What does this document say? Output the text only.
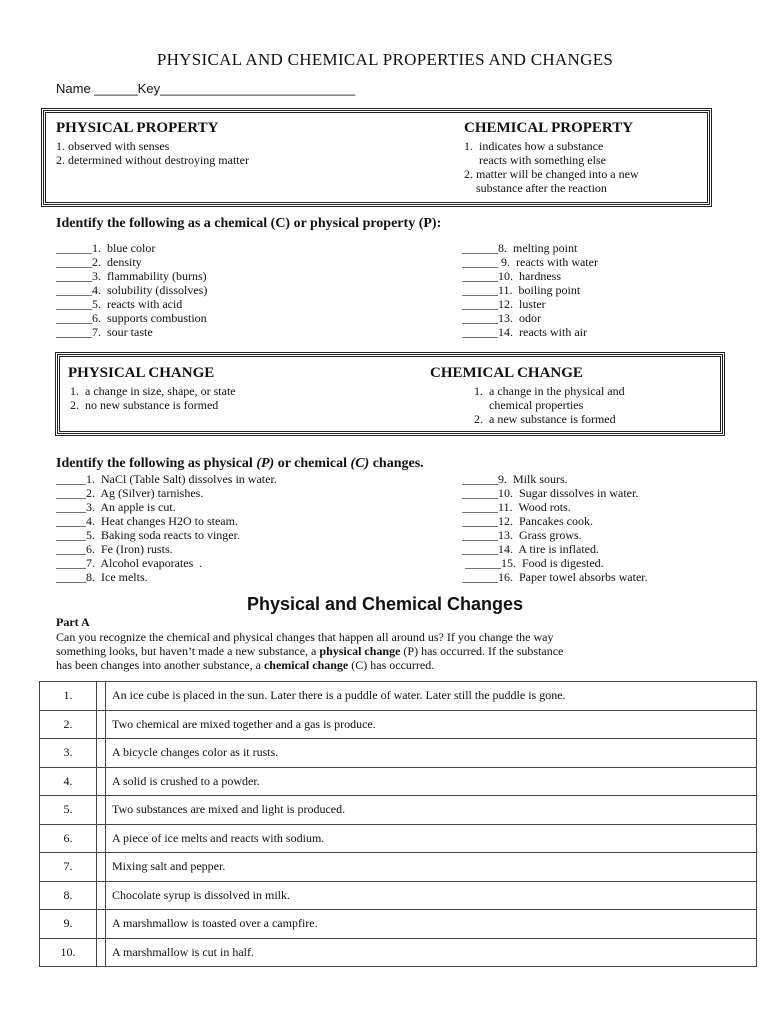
PHYSICAL AND CHEMICAL PROPERTIES AND CHANGES
Name ______Key___________________________
PHYSICAL PROPERTY
1. observed with senses
2. determined without destroying matter
CHEMICAL PROPERTY
1.  indicates how a substance
reacts with something else
2. matter will be changed into a new
substance after the reaction
Identify the following as a chemical (C) or physical property (P):
______1.  blue color
______2.  density
______3.  flammability (burns)
______4.  solubility (dissolves)
______5.  reacts with acid
______6.  supports combustion
______7.  sour taste
______8.  melting point
______ 9.  reacts with water
______10.  hardness
______11.  boiling point
______12.  luster
______13.  odor
______14.  reacts with air
PHYSICAL CHANGE
1.  a change in size, shape, or state
2.  no new substance is formed
CHEMICAL CHANGE
1.  a change in the physical and
chemical properties
2.  a new substance is formed
Identify the following as physical (P) or chemical (C) changes.
_____1.  NaCl (Table Salt) dissolves in water.
_____2.  Ag (Silver) tarnishes.
_____3.  An apple is cut.
_____4.  Heat changes H2O to steam.
_____5.  Baking soda reacts to vinger.
_____6.  Fe (Iron) rusts.
_____7.  Alcohol evaporates  .
_____8.  Ice melts.
______9.  Milk sours.
______10.  Sugar dissolves in water.
______11.  Wood rots.
______12.  Pancakes cook.
______13.  Grass grows.
______14.  A tire is inflated.
______15.  Food is digested.
______16.  Paper towel absorbs water.
Physical and Chemical Changes
Part A
Can you recognize the chemical and physical changes that happen all around us? If you change the way
something looks, but haven’t made a new substance, a physical change (P) has occurred. If the substance
has been changes into another substance, a chemical change (C) has occurred.
1.		An ice cube is placed in the sun. Later there is a puddle of water. Later still the puddle is gone.
2.		Two chemical are mixed together and a gas is produce.
3.		A bicycle changes color as it rusts.
4.		A solid is crushed to a powder.
5.		Two substances are mixed and light is produced.
6.		A piece of ice melts and reacts with sodium.
7.		Mixing salt and pepper.
8.		Chocolate syrup is dissolved in milk.
9.		A marshmallow is toasted over a campfire.
10.		A marshmallow is cut in half.
